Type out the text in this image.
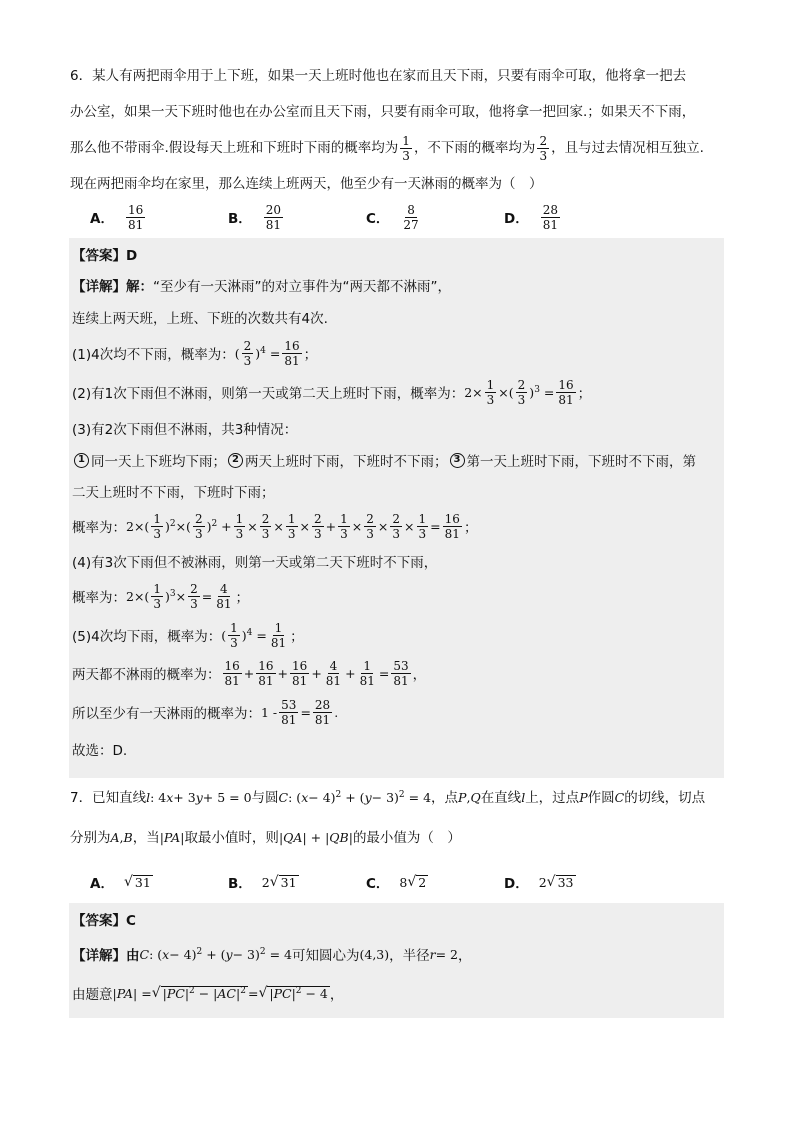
6．某人有两把雨伞用于上下班，如果一天上班时他也在家而且天下雨，只要有雨伞可取，他将拿一把去
办公室，如果一天下班时他也在办公室而且天下雨，只要有雨伞可取，他将拿一把回家.；如果天不下雨，
那么他不带雨伞.假设每天上班和下班时下雨的概率均为 $\frac{1}{3}$ ，不下雨的概率均为 $\frac{2}{3}$ ，且与过去情况相互独立.
现在两把雨伞均在家里，那么连续上班两天，他至少有一天淋雨的概率为（　）
A． $\frac{16}{81}$	B． $\frac{20}{81}$	C． $\frac{8}{27}$	D． $\frac{28}{81}$
【答案】D
【详解】解： “至少有一天淋雨”的对立事件为“两天都不淋雨”，
连续上两天班，上班、下班的次数共有4次.
(1)4次均不下雨，概率为： ( $\frac{2}{3} )^4 = \frac{16}{81}$ ；
(2)有1次下雨但不淋雨，则第一天或第二天上班时下雨，概率为： $2\times \frac{1}{3}$ ×( $\frac{2}{3} )^3 = \frac{16}{81}$ ；
(3)有2次下雨但不淋雨，共3种情况：
1 同一天上下班均下雨； 2 两天上班时下雨，下班时不下雨； 3 第一天上班时下雨，下班时不下雨，第
二天上班时不下雨，下班时下雨；
概率为： $2\times( \frac{1}{3} )^2\times( \frac{2}{3} )^2 + \frac{1}{3} \times \frac{2}{3} \times \frac{1}{3} \times \frac{2}{3} + \frac{1}{3} \times \frac{2}{3} \times \frac{2}{3} \times \frac{1}{3} = \frac{16}{81}$ ；
(4)有3次下雨但不被淋雨，则第一天或第二天下班时不下雨，
概率为： $2\times( \frac{1}{3} )^3\times \frac{2}{3} = \frac{4}{81}$ ；
(5)4次均下雨，概率为： ( $\frac{1}{3} )^4 = \frac{1}{81}$ ；
两天都不淋雨的概率为： $\frac{16}{81} + \frac{16}{81} + \frac{16}{81} + \frac{4}{81} + \frac{1}{81} = \frac{53}{81}$ ，
所以至少有一天淋雨的概率为： $1 - \frac{53}{81} = \frac{28}{81}$ .
故选：D.
7．已知直线 l : 4 x + 3 y + 5 = 0 与圆 C : ( x − 4)$^2$ + ( y − 3)$^2$ = 4 ，点 P , Q 在直线 l 上，过点 P 作圆 C 的切线，切点
分别为 A , B ，当 | PA | 取最小值时，则 | QA | + | QB | 的最小值为（　）
A． √ 31	B． 2 √ 31	C． 8 √ 2	D． 2 √ 33
【答案】C
【详解】由 C : ( x − 4)$^2$ + ( y − 3)$^2$ = 4 可知圆心为 (4,3) ，半径 r = 2 ，
由题意 | PA | = √ $|PC|^2 - |AC|^2$ = √ $|PC|^2 - 4$ ，
